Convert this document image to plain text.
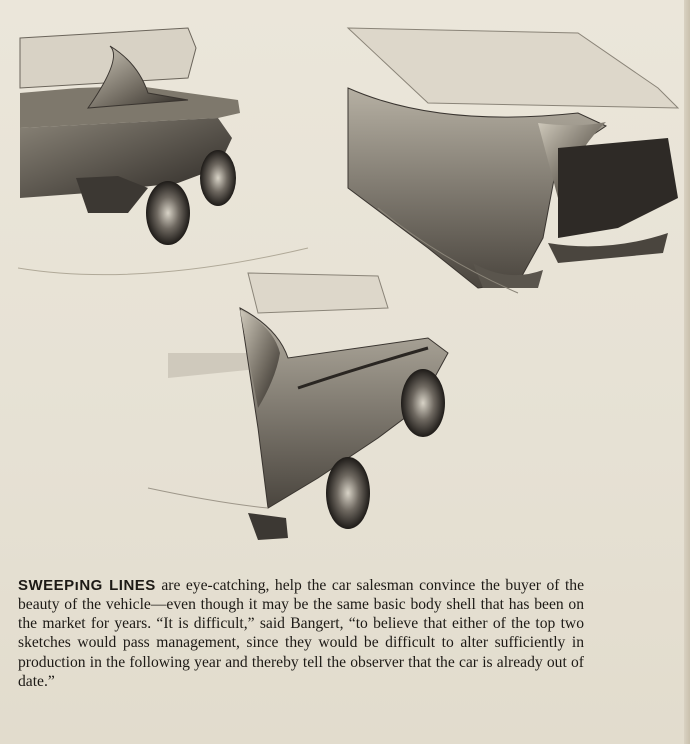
SWEEPıNG LINES are eye-catching, help the car salesman convince the buyer of the beauty of the vehicle—even though it may be the same basic body shell that has been on the market for years. “It is difficult,” said Bangert, “to believe that either of the top two sketches would pass management, since they would be difficult to alter sufficiently in production in the following year and thereby tell the observer that the car is already out of date.”
